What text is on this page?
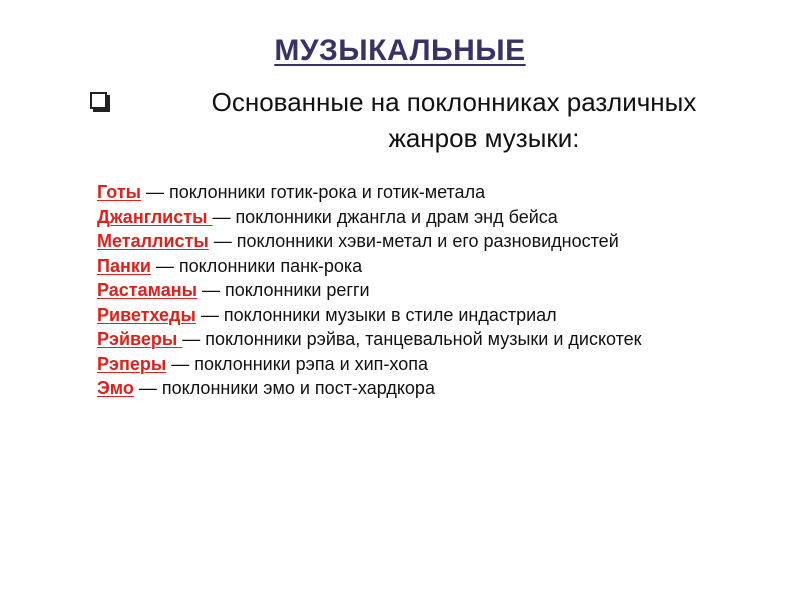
МУЗЫКАЛЬНЫЕ
Основанные на поклонниках различных
жанров музыки:
Готы — поклонники готик-рока и готик-метала
Джанглисты — поклонники джангла и драм энд бейса
Металлисты — поклонники хэви-метал и его разновидностей
Панки — поклонники панк-рока
Растаманы — поклонники регги
Риветхеды — поклонники музыки в стиле индастриал
Рэйверы — поклонники рэйва, танцевальной музыки и дискотек
Рэперы — поклонники рэпа и хип-хопа
Эмо — поклонники эмо и пост-хардкора
